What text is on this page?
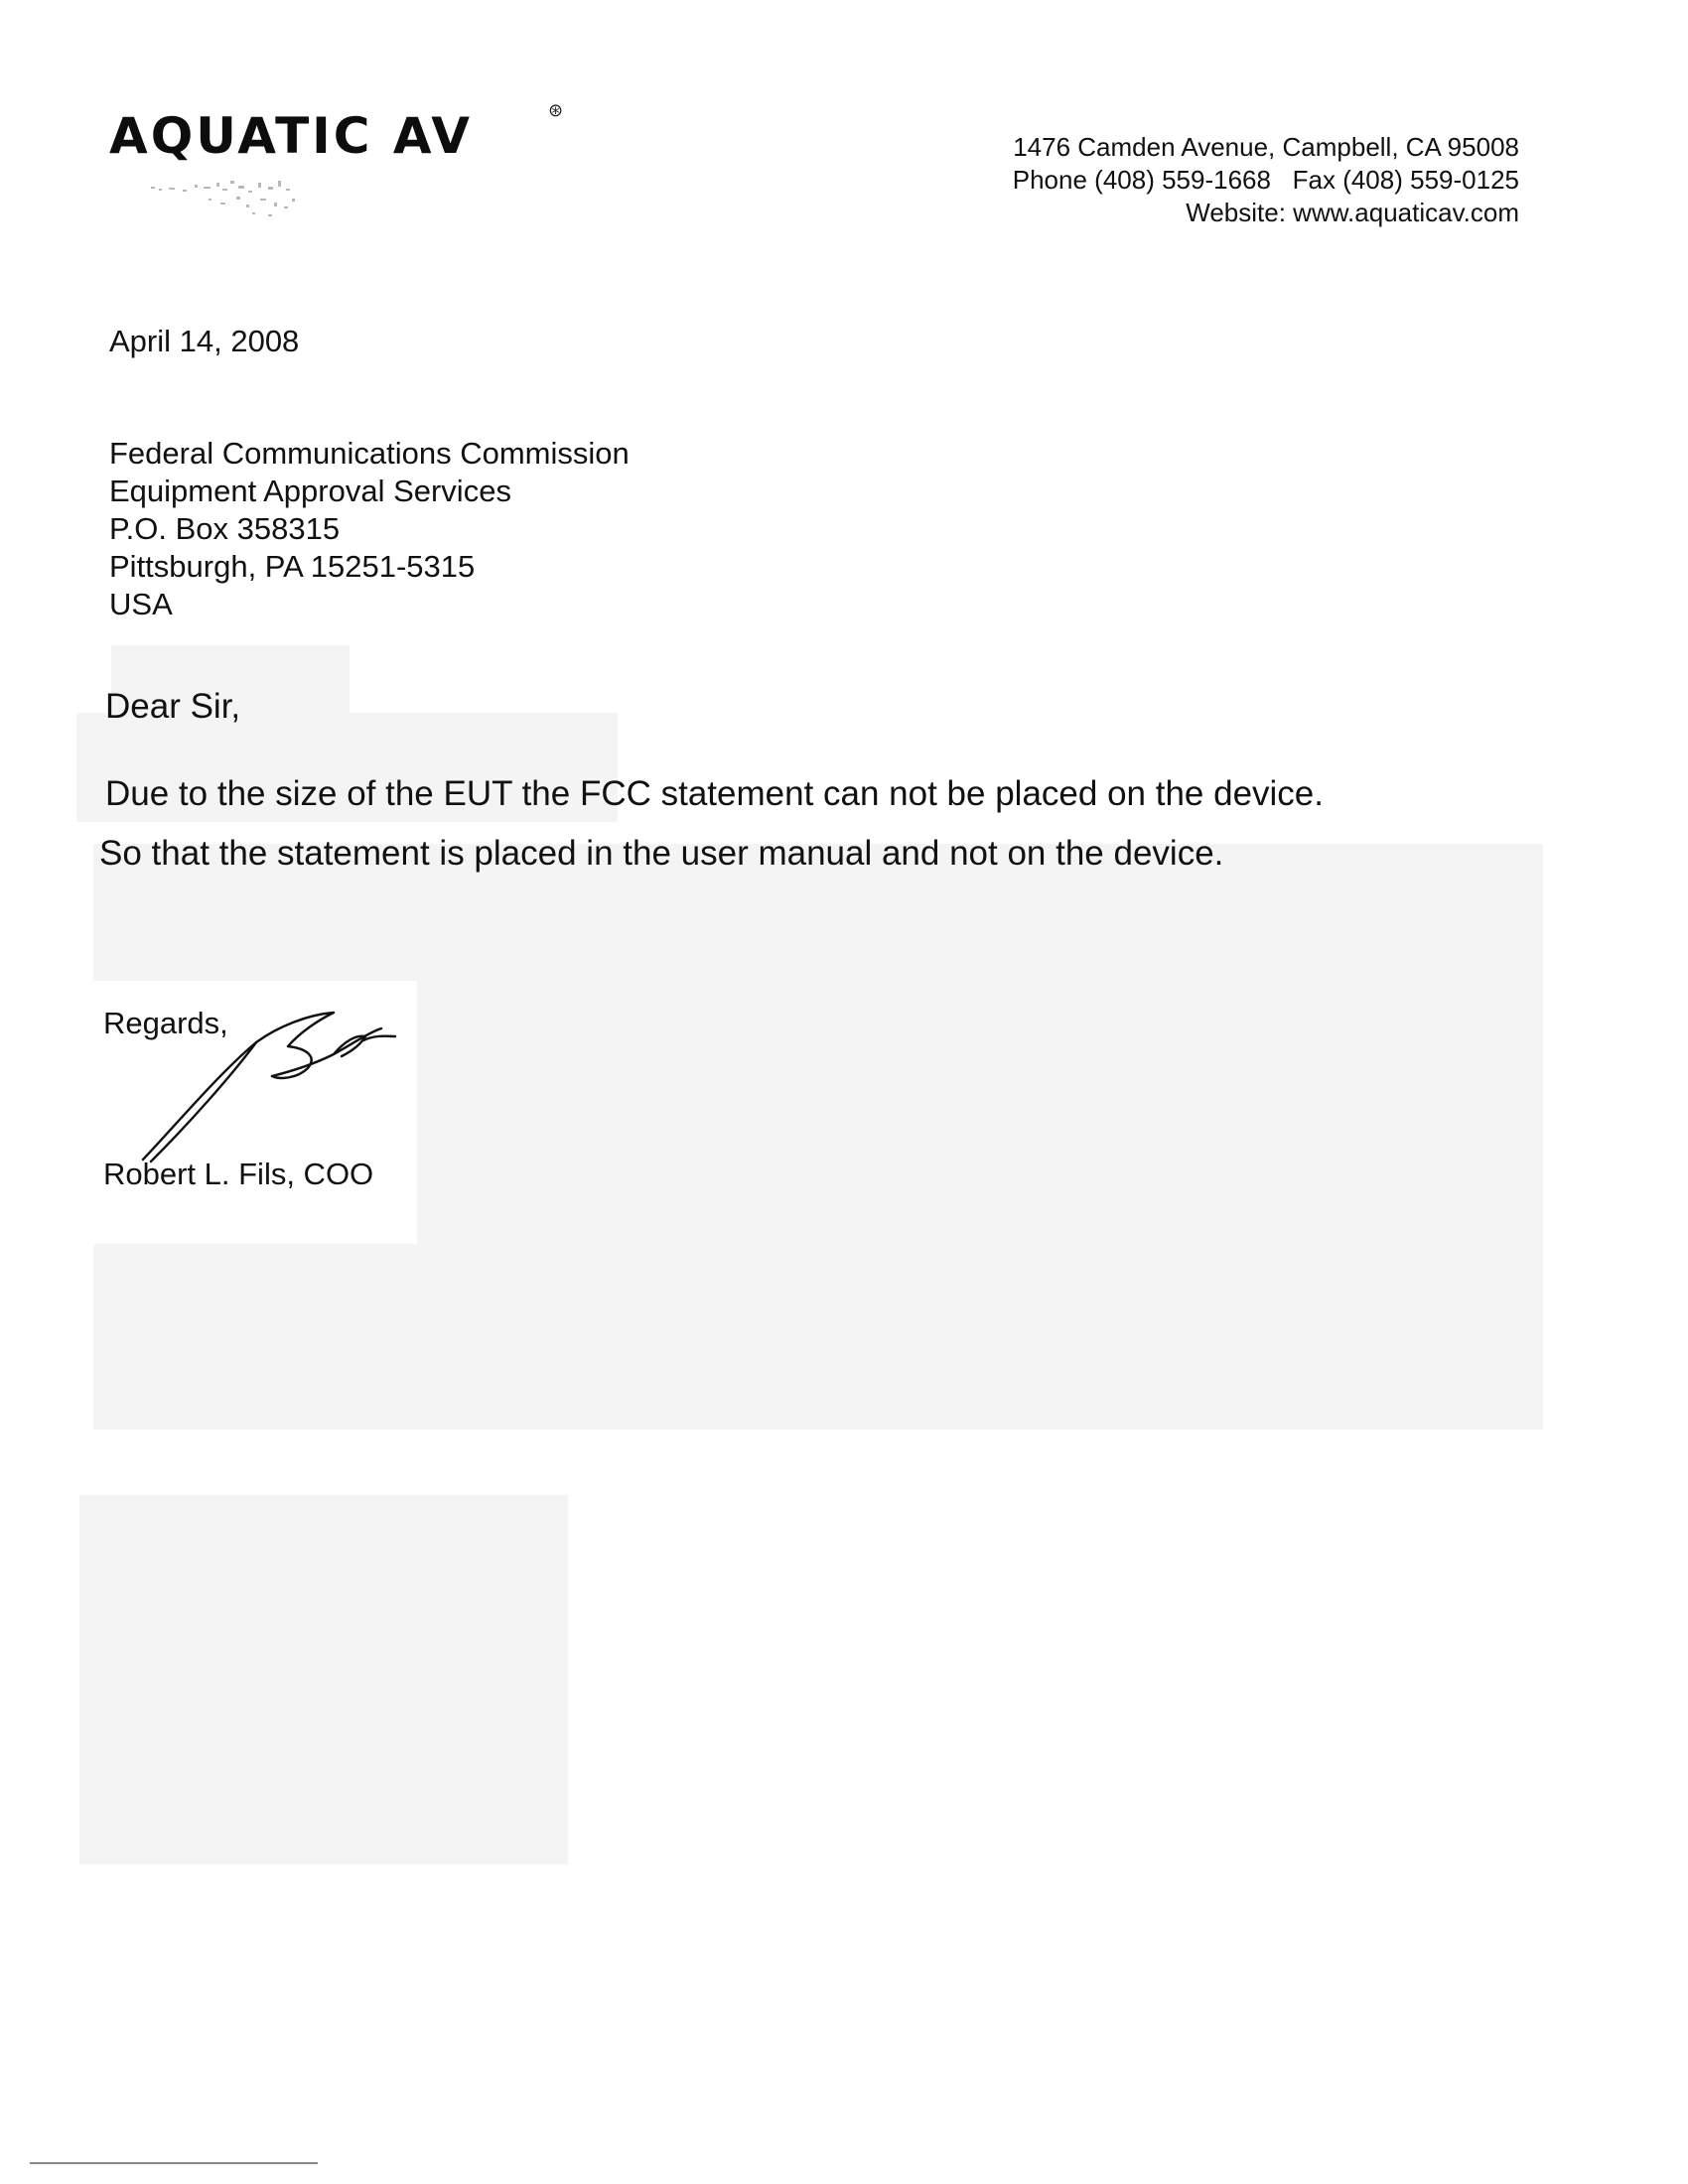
AQUATIC AV	⊛
1476 Camden Avenue, Campbell, CA 95008
Phone (408) 559-1668   Fax (408) 559-0125
Website: www.aquaticav.com
April 14, 2008
Federal Communications Commission
Equipment Approval Services
P.O. Box 358315
Pittsburgh, PA 15251-5315
USA
Dear Sir,
Due to the size of the EUT the FCC statement can not be placed on the device.
So that the statement is placed in the user manual and not on the device.
Regards,
Robert L. Fils, COO
